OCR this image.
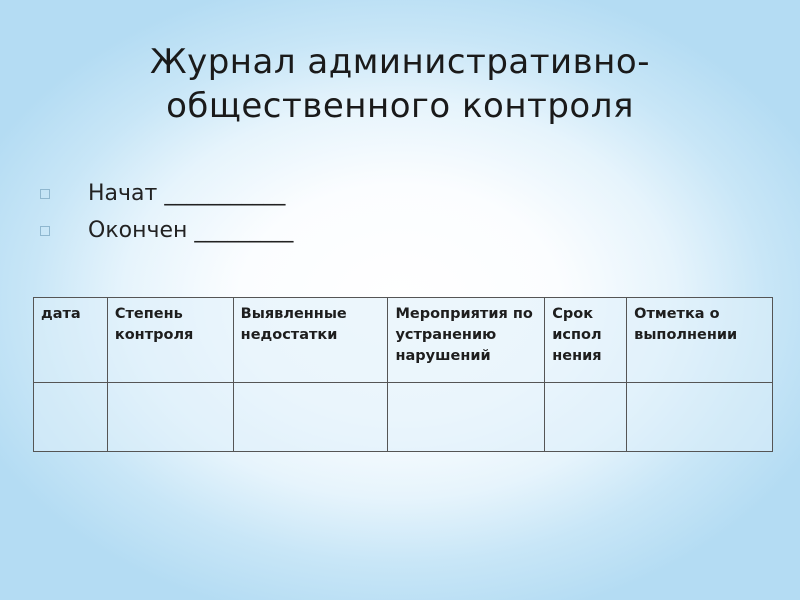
Журнал административно-
общественного контроля
Начат ___________
Окончен _________
дата	Степень контроля	Выявленные недостатки	Мероприятия по устранению нарушений	Срок испол нения	Отметка о выполнении
